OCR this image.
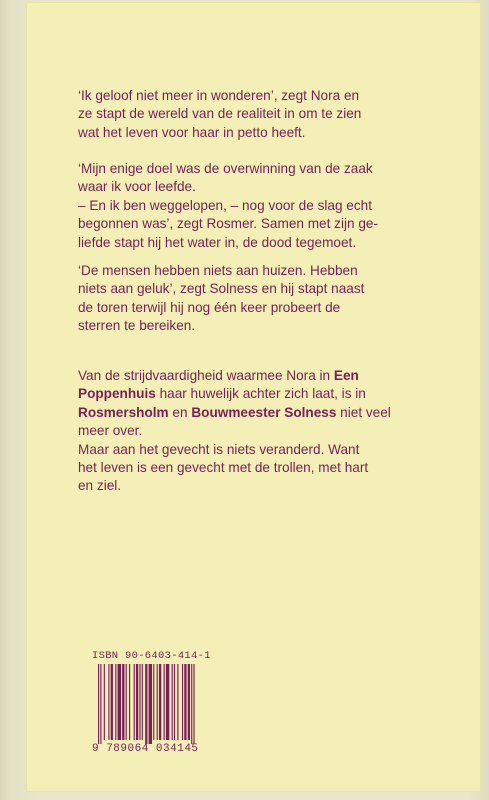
‘Ik geloof niet meer in wonderen’, zegt Nora en
ze stapt de wereld van de realiteit in om te zien
wat het leven voor haar in petto heeft.

‘Mijn enige doel was de overwinning van de zaak
waar ik voor leefde.
– En ik ben weggelopen, – nog voor de slag echt
begonnen was’, zegt Rosmer. Samen met zijn ge-
liefde stapt hij het water in, de dood tegemoet.

‘De mensen hebben niets aan huizen. Hebben
niets aan geluk’, zegt Solness en hij stapt naast
de toren terwijl hij nog één keer probeert de
sterren te bereiken.

Van de strijdvaardigheid waarmee Nora in Een
Poppenhuis haar huwelijk achter zich laat, is in
Rosmersholm en Bouwmeester Solness niet veel
meer over.
Maar aan het gevecht is niets veranderd. Want
het leven is een gevecht met de trollen, met hart
en ziel.

ISBN 90-6403-414-1
9 789064 034145
